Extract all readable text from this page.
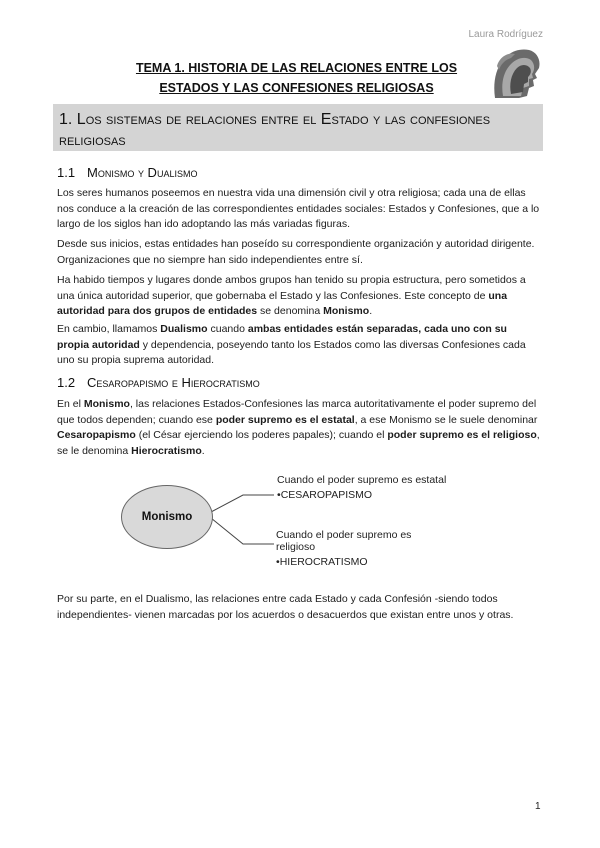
Laura Rodríguez
TEMA 1. HISTORIA DE LAS RELACIONES ENTRE LOS
ESTADOS Y LAS CONFESIONES RELIGIOSAS
1. Los sistemas de relaciones entre el Estado y las confesiones religiosas
1.1 Monismo y Dualismo

Los seres humanos poseemos en nuestra vida una dimensión civil y otra religiosa; cada una de ellas nos conduce a la creación de las correspondientes entidades sociales: Estados y Confesiones, que a lo largo de los siglos han ido adoptando las más variadas figuras.

Desde sus inicios, estas entidades han poseído su correspondiente organización y autoridad dirigente. Organizaciones que no siempre han sido independientes entre sí.

Ha habido tiempos y lugares donde ambos grupos han tenido su propia estructura, pero sometidos a una única autoridad superior, que gobernaba el Estado y las Confesiones. Este concepto de una autoridad para dos grupos de entidades se denomina Monismo.

En cambio, llamamos Dualismo cuando ambas entidades están separadas, cada uno con su propia autoridad y dependencia, poseyendo tanto los Estados como las diversas Confesiones cada uno su propia suprema autoridad.

1.2 Cesaropapismo e Hierocratismo

En el Monismo, las relaciones Estados-Confesiones las marca autoritativamente el poder supremo del que todos dependen; cuando ese poder supremo es el estatal, a ese Monismo se le suele denominar Cesaropapismo (el César ejerciendo los poderes papales); cuando el poder supremo es el religioso, se le denomina Hierocratismo.

Monismo
Cuando el poder supremo es estatal
•CESAROPAPISMO
Cuando el poder supremo es religioso
•HIEROCRATISMO

Por su parte, en el Dualismo, las relaciones entre cada Estado y cada Confesión -siendo todos independientes- vienen marcadas por los acuerdos o desacuerdos que existan entre unos y otras.

1
